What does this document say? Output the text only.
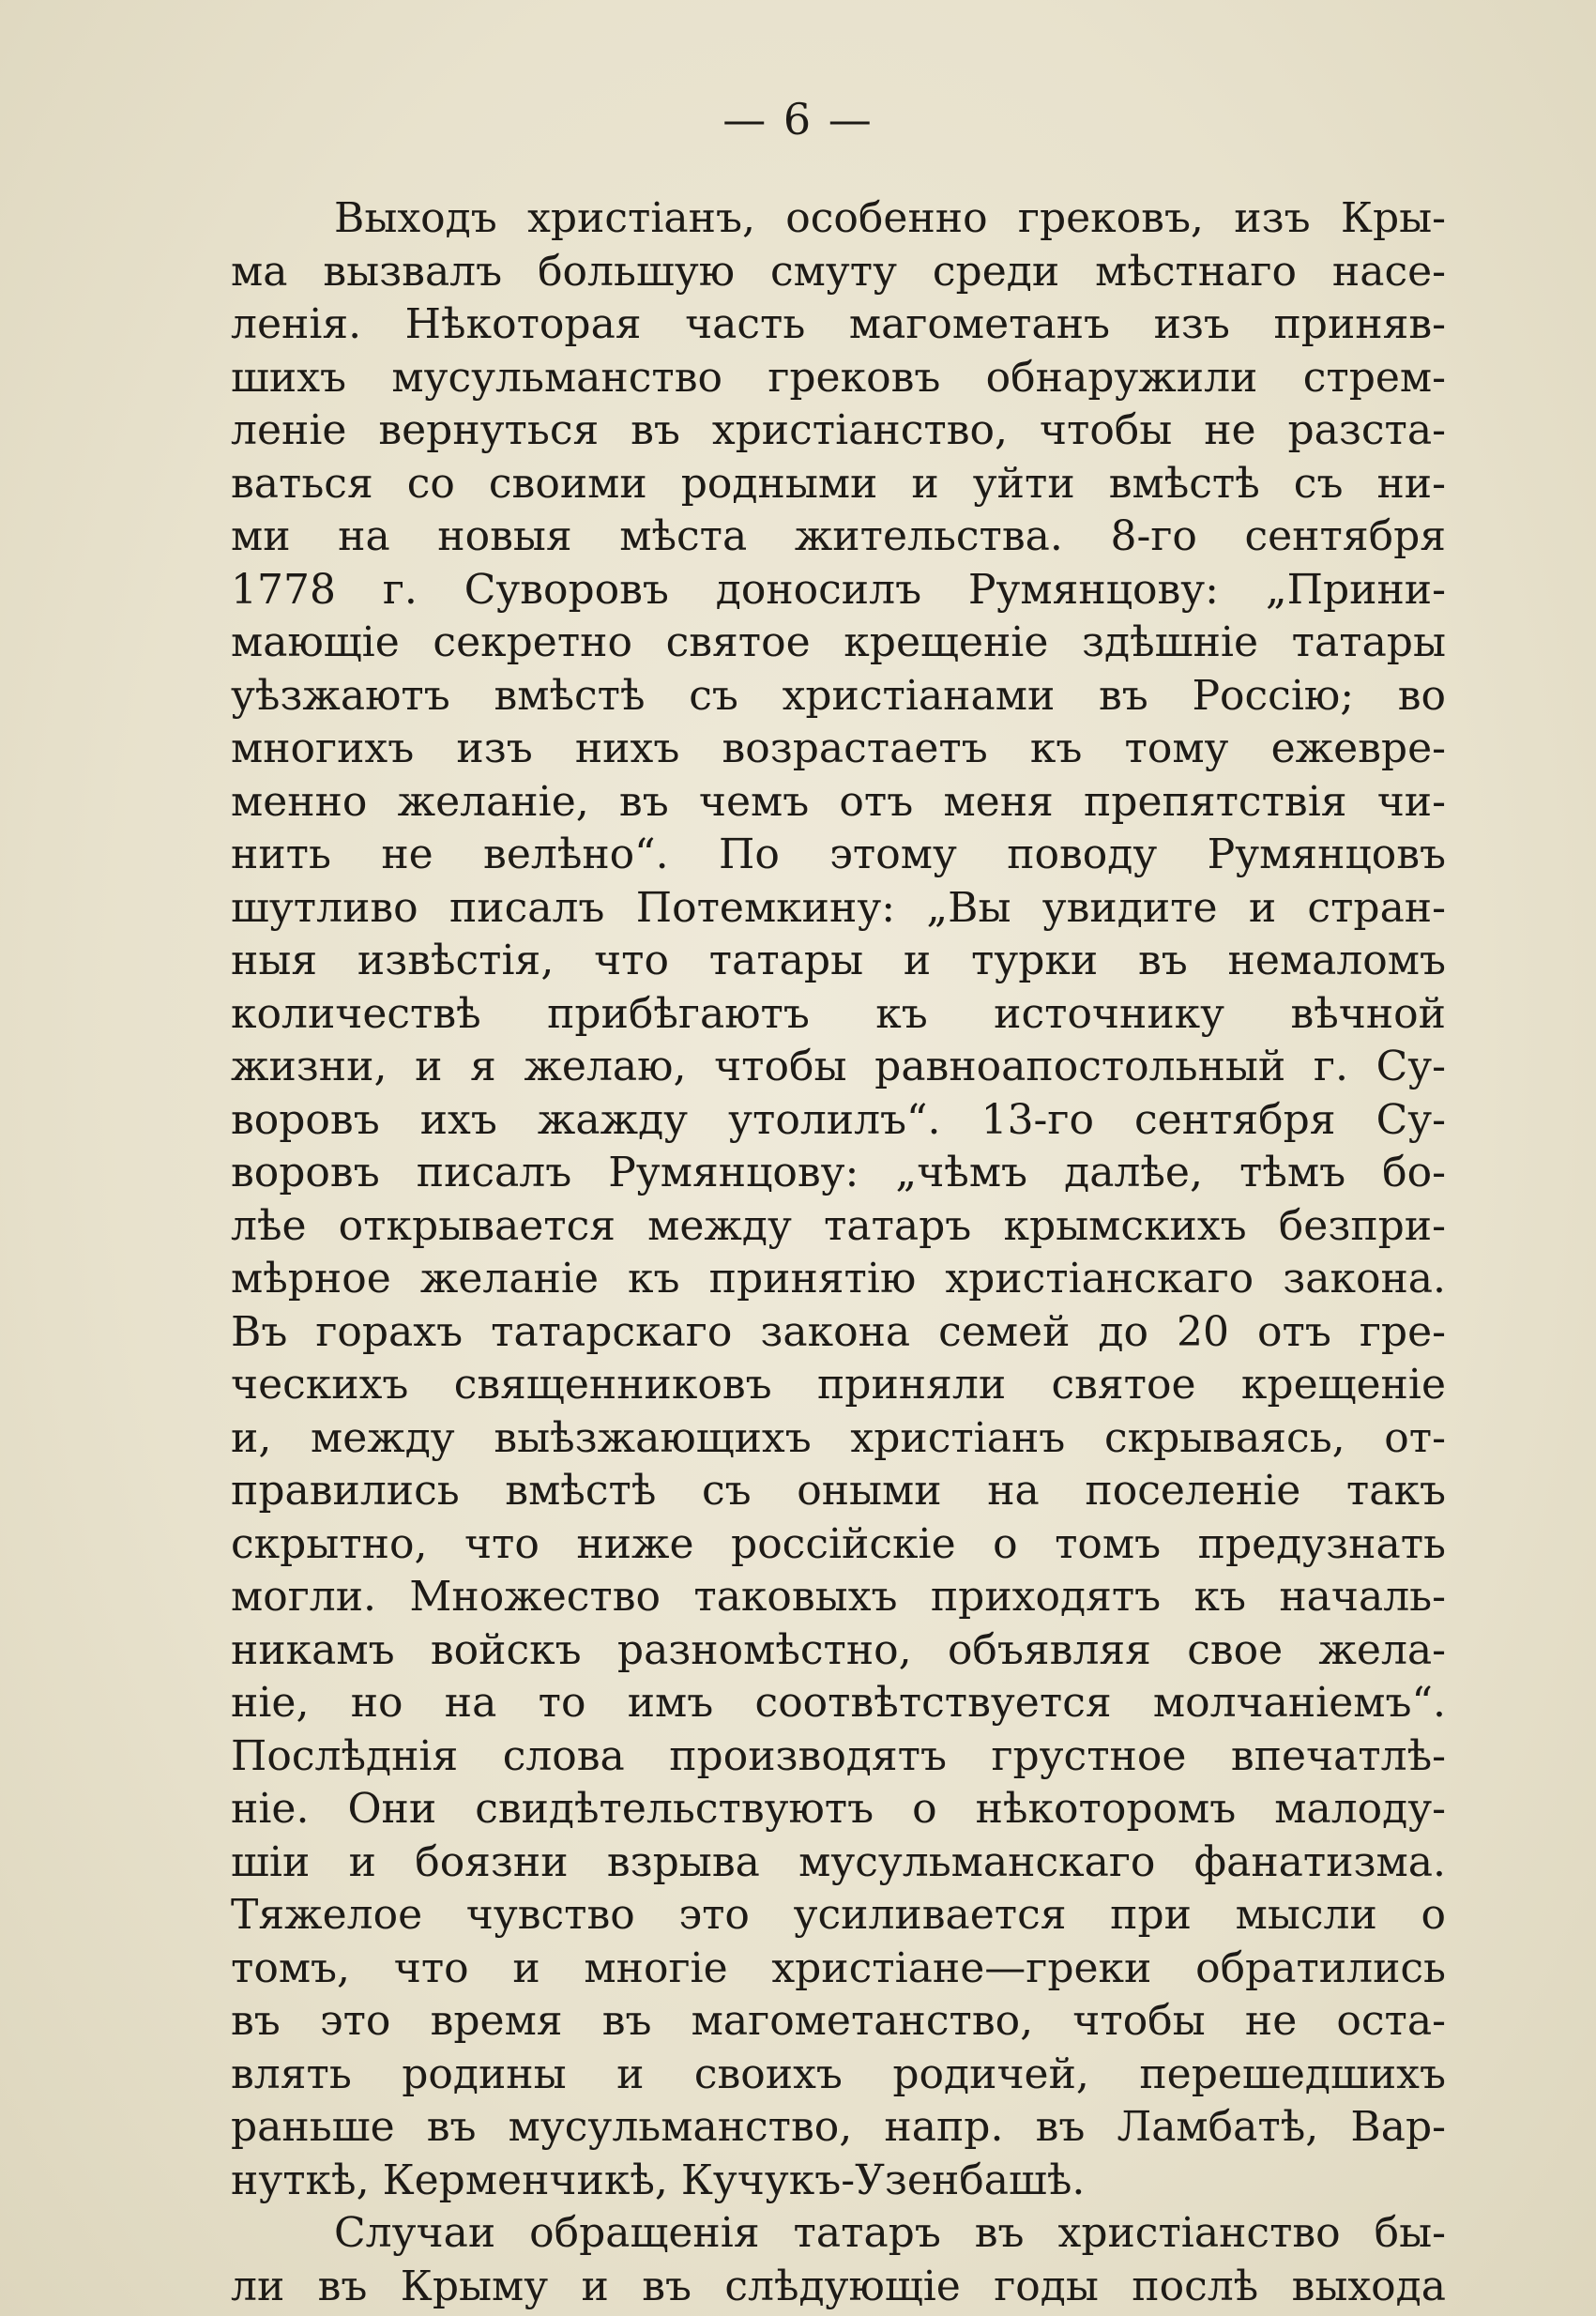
— 6 —
Выходъ христiанъ, особенно грековъ, изъ Кры-
ма вызвалъ большую смуту среди мѣстнаго насе-
ленiя. Нѣкоторая часть магометанъ изъ приняв-
шихъ мусульманство грековъ обнаружили стрем-
ленiе вернуться въ христiанство, чтобы не разста-
ваться со своими родными и уйти вмѣстѣ съ ни-
ми на новыя мѣста жительства. 8-го сентября
1778 г. Суворовъ доносилъ Румянцову: „Прини-
мающiе секретно святое крещенiе здѣшнiе татары
уѣзжаютъ вмѣстѣ съ христiанами въ Россiю; во
многихъ изъ нихъ возрастаетъ къ тому ежевре-
менно желанiе, въ чемъ отъ меня препятствiя чи-
нить не велѣно“. По этому поводу Румянцовъ
шутливо писалъ Потемкину: „Вы увидите и стран-
ныя извѣстiя, что татары и турки въ немаломъ
количествѣ прибѣгаютъ къ источнику вѣчной
жизни, и я желаю, чтобы равноапостольный г. Су-
воровъ ихъ жажду утолилъ“. 13-го сентября Су-
воровъ писалъ Румянцову: „чѣмъ далѣе, тѣмъ бо-
лѣе открывается между татаръ крымскихъ безпри-
мѣрное желанiе къ принятiю христiанскаго закона.
Въ горахъ татарскаго закона семей до 20 отъ гре-
ческихъ священниковъ приняли святое крещенiе
и, между выѣзжающихъ христiанъ скрываясь, от-
правились вмѣстѣ съ оными на поселенiе такъ
скрытно, что ниже россiйскiе о томъ предузнать
могли. Множество таковыхъ приходятъ къ началь-
никамъ войскъ разномѣстно, объявляя свое жела-
нiе, но на то имъ соотвѣтствуется молчанiемъ“.
Послѣднiя слова производятъ грустное впечатлѣ-
нiе. Они свидѣтельствуютъ о нѣкоторомъ малоду-
шiи и боязни взрыва мусульманскаго фанатизма.
Тяжелое чувство это усиливается при мысли о
томъ, что и многiе христiане—греки обратились
въ это время въ магометанство, чтобы не оста-
влять родины и своихъ родичей, перешедшихъ
раньше въ мусульманство, напр. въ Ламбатѣ, Вар-
нуткѣ, Керменчикѣ, Кучукъ-Узенбашѣ.
Случаи обращенiя татаръ въ христiанство бы-
ли въ Крыму и въ слѣдующiе годы послѣ выхода
